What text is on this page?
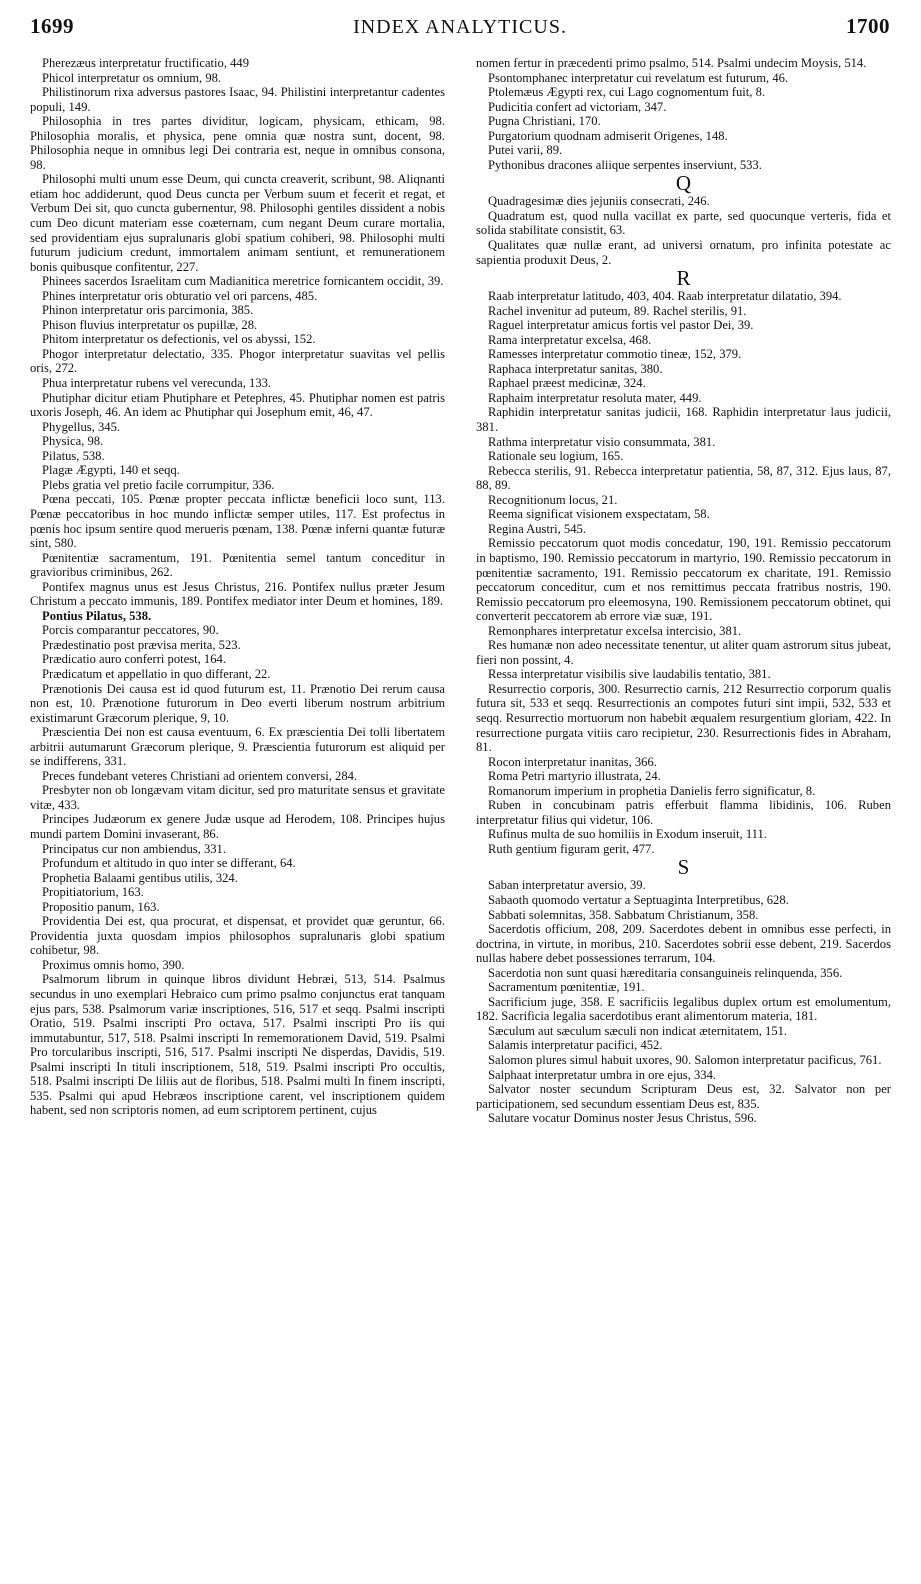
1699	INDEX ANALYTICUS.	1700

Pherezæus interpretatur fructificatio, 449

Phicol interpretatur os omnium, 98.

Philistinorum rixa adversus pastores Isaac, 94. Philistini interpretantur cadentes populi, 149.

Philosophia in tres partes dividitur, logicam, physicam, ethicam, 98. Philosophia moralis, et physica, pene omnia quæ nostra sunt, docent, 98. Philosophia neque in omnibus legi Dei contraria est, neque in omnibus consona, 98.

Philosophi multi unum esse Deum, qui cuncta creaverit, scribunt, 98. Aliqnanti etiam hoc addiderunt, quod Deus cuncta per Verbum suum et fecerit et regat, et Verbum Dei sit, quo cuncta gubernentur, 98. Philosophi gentiles dissident a nobis cum Deo dicunt materiam esse coæternam, cum negant Deum curare mortalia, sed providentiam ejus supralunaris globi spatium cohiberi, 98. Philosophi multi futurum judicium credunt, immortalem animam sentiunt, et remunerationem bonis quibusque confitentur, 227.

Phinees sacerdos Israelitam cum Madianitica meretrice fornicantem occidit, 39.

Phines interpretatur oris obturatio vel ori parcens, 485.

Phinon interpretatur oris parcimonia, 385.

Phison fluvius interpretatur os pupillæ, 28.

Phitom interpretatur os defectionis, vel os abyssi, 152.

Phogor interpretatur delectatio, 335. Phogor interpretatur suavitas vel pellis oris, 272.

Phua interpretatur rubens vel verecunda, 133.

Phutiphar dicitur etiam Phutiphare et Petephres, 45. Phutiphar nomen est patris uxoris Joseph, 46. An idem ac Phutiphar qui Josephum emit, 46, 47.

Phygellus, 345.

Physica, 98.

Pilatus, 538.

Plagæ Ægypti, 140 et seqq.

Plebs gratia vel pretio facile corrumpitur, 336.

Pœna peccati, 105. Pœnæ propter peccata inflictæ beneficii loco sunt, 113. Pœnæ peccatoribus in hoc mundo inflictæ semper utiles, 117. Est profectus in pœnis hoc ipsum sentire quod merueris pœnam, 138. Pœnæ inferni quantæ futuræ sint, 580.

Pœnitentiæ sacramentum, 191. Pœnitentia semel tantum conceditur in gravioribus criminibus, 262.

Pontifex magnus unus est Jesus Christus, 216. Pontifex nullus præter Jesum Christum a peccato immunis, 189. Pontifex mediator inter Deum et homines, 189.

Pontius Pilatus, 538.

Porcis comparantur peccatores, 90.

Prædestinatio post prævisa merita, 523.

Prædicatio auro conferri potest, 164.

Prædicatum et appellatio in quo differant, 22.

Prænotionis Dei causa est id quod futurum est, 11. Prænotio Dei rerum causa non est, 10. Prænotione futurorum in Deo everti liberum nostrum arbitrium existimarunt Græcorum plerique, 9, 10.

Præscientia Dei non est causa eventuum, 6. Ex præscientia Dei tolli libertatem arbitrii autumarunt Græcorum plerique, 9. Præscientia futurorum est aliquid per se indifferens, 331.

Preces fundebant veteres Christiani ad orientem conversi, 284.

Presbyter non ob longævam vitam dicitur, sed pro maturitate sensus et gravitate vitæ, 433.

Principes Judæorum ex genere Judæ usque ad Herodem, 108. Principes hujus mundi partem Domini invaserant, 86.

Principatus cur non ambiendus, 331.

Profundum et altitudo in quo inter se differant, 64.

Prophetia Balaami gentibus utilis, 324.

Propitiatorium, 163.

Propositio panum, 163.

Providentia Dei est, qua procurat, et dispensat, et providet quæ geruntur, 66. Providentia juxta quosdam impios philosophos supralunaris globi spatium cohibetur, 98.

Proximus omnis homo, 390.

Psalmorum librum in quinque libros dividunt Hebræi, 513, 514. Psalmus secundus in uno exemplari Hebraico cum primo psalmo conjunctus erat tanquam ejus pars, 538. Psalmorum variæ inscriptiones, 516, 517 et seqq. Psalmi inscripti Oratio, 519. Psalmi inscripti Pro octava, 517. Psalmi inscripti Pro iis qui immutabuntur, 517, 518. Psalmi inscripti In rememorationem David, 519. Psalmi Pro torcularibus inscripti, 516, 517. Psalmi inscripti Ne disperdas, Davidis, 519. Psalmi inscripti In tituli inscriptionem, 518, 519. Psalmi inscripti Pro occultis, 518. Psalmi inscripti De liliis aut de floribus, 518. Psalmi multi In finem inscripti, 535. Psalmi qui apud Hebræos inscriptione carent, vel inscriptionem quidem habent, sed non scriptoris nomen, ad eum scriptorem pertinent, cujus

nomen fertur in præcedenti primo psalmo, 514. Psalmi undecim Moysis, 514.

Psontomphanec interpretatur cui revelatum est futurum, 46.

Ptolemæus Ægypti rex, cui Lago cognomentum fuit, 8.

Pudicitia confert ad victoriam, 347.

Pugna Christiani, 170.

Purgatorium quodnam admiserit Origenes, 148.

Putei varii, 89.

Pythonibus dracones aliique serpentes inserviunt, 533.

Q

Quadragesimæ dies jejuniis consecrati, 246.

Quadratum est, quod nulla vacillat ex parte, sed quocunque verteris, fida et solida stabilitate consistit, 63.

Qualitates quæ nullæ erant, ad universi ornatum, pro infinita potestate ac sapientia produxit Deus, 2.

R

Raab interpretatur latitudo, 403, 404. Raab interpretatur dilatatio, 394.

Rachel invenitur ad puteum, 89. Rachel sterilis, 91.

Raguel interpretatur amicus fortis vel pastor Dei, 39.

Rama interpretatur excelsa, 468.

Ramesses interpretatur commotio tineæ, 152, 379.

Raphaca interpretatur sanitas, 380.

Raphael præest medicinæ, 324.

Raphaim interpretatur resoluta mater, 449.

Raphidin interpretatur sanitas judicii, 168. Raphidin interpretatur laus judicii, 381.

Rathma interpretatur visio consummata, 381.

Rationale seu logium, 165.

Rebecca sterilis, 91. Rebecca interpretatur patientia, 58, 87, 312. Ejus laus, 87, 88, 89.

Recognitionum locus, 21.

Reema significat visionem exspectatam, 58.

Regina Austri, 545.

Remissio peccatorum quot modis concedatur, 190, 191. Remissio peccatorum in baptismo, 190. Remissio peccatorum in martyrio, 190. Remissio peccatorum in pœnitentiæ sacramento, 191. Remissio peccatorum ex charitate, 191. Remissio peccatorum conceditur, cum et nos remittimus peccata fratribus nostris, 190. Remissio peccatorum pro eleemosyna, 190. Remissionem peccatorum obtinet, qui converterit peccatorem ab errore viæ suæ, 191.

Remonphares interpretatur excelsa intercisio, 381.

Res humanæ non adeo necessitate tenentur, ut aliter quam astrorum situs jubeat, fieri non possint, 4.

Ressa interpretatur visibilis sive laudabilis tentatio, 381.

Resurrectio corporis, 300. Resurrectio carnis, 212 Resurrectio corporum qualis futura sit, 533 et seqq. Resurrectionis an compotes futuri sint impii, 532, 533 et seqq. Resurrectio mortuorum non habebit æqualem resurgentium gloriam, 422. In resurrectione purgata vitiis caro recipietur, 230. Resurrectionis fides in Abraham, 81.

Rocon interpretatur inanitas, 366.

Roma Petri martyrio illustrata, 24.

Romanorum imperium in prophetia Danielis ferro significatur, 8.

Ruben in concubinam patris efferbuit flamma libidinis, 106. Ruben interpretatur filius qui videtur, 106.

Rufinus multa de suo homiliis in Exodum inseruit, 111.

Ruth gentium figuram gerit, 477.

S

Saban interpretatur aversio, 39.

Sabaoth quomodo vertatur a Septuaginta Interpretibus, 628.

Sabbati solemnitas, 358. Sabbatum Christianum, 358.

Sacerdotis officium, 208, 209. Sacerdotes debent in omnibus esse perfecti, in doctrina, in virtute, in moribus, 210. Sacerdotes sobrii esse debent, 219. Sacerdos nullas habere debet possessiones terrarum, 104.

Sacerdotia non sunt quasi hæreditaria consanguineis relinquenda, 356.

Sacramentum pœnitentiæ, 191.

Sacrificium juge, 358. E sacrificiis legalibus duplex ortum est emolumentum, 182. Sacrificia legalia sacerdotibus erant alimentorum materia, 181.

Sæculum aut sæculum sæculi non indicat æternitatem, 151.

Salamis interpretatur pacifici, 452.

Salomon plures simul habuit uxores, 90. Salomon interpretatur pacificus, 761.

Salphaat interpretatur umbra in ore ejus, 334.

Salvator noster secundum Scripturam Deus est, 32. Salvator non per participationem, sed secundum essentiam Deus est, 835.

Salutare vocatur Dominus noster Jesus Christus, 596.
